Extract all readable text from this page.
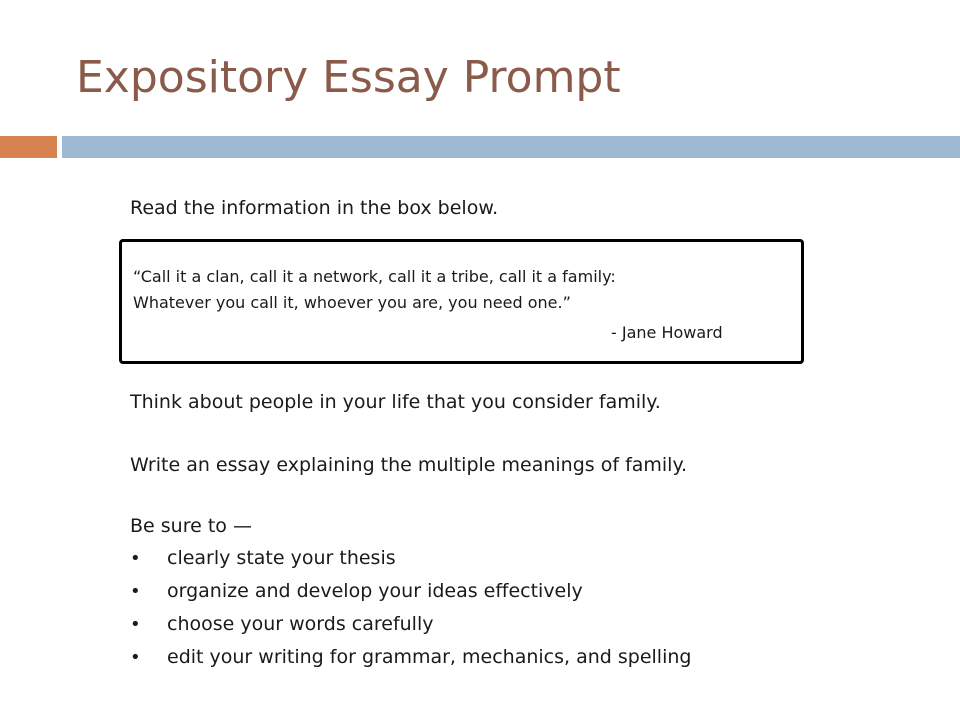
Expository Essay Prompt

Read the information in the box below.

“Call it a clan, call it a network, call it a tribe, call it a family:

Whatever you call it, whoever you are, you need one.”

- Jane Howard

Think about people in your life that you consider family.

Write an essay explaining the multiple meanings of family.

Be sure to —

• clearly state your thesis
• organize and develop your ideas effectively
• choose your words carefully
• edit your writing for grammar, mechanics, and spelling
